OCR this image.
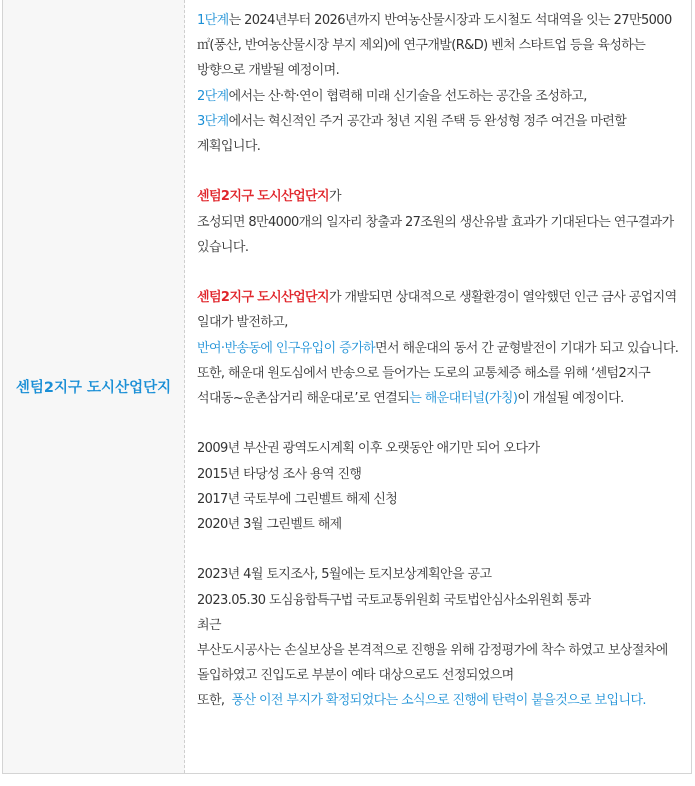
센텀2지구 도시산업단지

1단계는 2024년부터 2026년까지 반여농산물시장과 도시철도 석대역을 잇는 27만5000㎡(풍산, 반여농산물시장 부지 제외)에 연구개발(R&D) 벤처 스타트업 등을 육성하는 방향으로 개발될 예정이며.
2단계에서는 산·학·연이 협력해 미래 신기술을 선도하는 공간을 조성하고,
3단계에서는 혁신적인 주거 공간과 청년 지원 주택 등 완성형 정주 여건을 마련할 계획입니다.

센텀2지구 도시산업단지가
조성되면 8만4000개의 일자리 창출과 27조원의 생산유발 효과가 기대된다는 연구결과가 있습니다.

센텀2지구 도시산업단지가 개발되면 상대적으로 생활환경이 열악했던 인근 금사 공업지역 일대가 발전하고,
반여·반송동에 인구유입이 증가하면서 해운대의 동서 간 균형발전이 기대가 되고 있습니다.
또한, 해운대 원도심에서 반송으로 들어가는 도로의 교통체증 해소를 위해 ‘센텀2지구 석대동~운촌삼거리 해운대로’로 연결되는 해운대터널(가칭)이 개설될 예정이다.

2009년 부산권 광역도시계획 이후 오랫동안 애기만 되어 오다가
2015년 타당성 조사 용역 진행
2017년 국토부에 그린벨트 해제 신청
2020년 3월 그린벨트 해제

2023년 4월 토지조사, 5월에는 토지보상계획안을 공고
2023.05.30 도심융합특구법 국토교통위원회 국토법안심사소위원회 통과
최근
부산도시공사는 손실보상을 본격적으로 진행을 위해 감정평가에 착수 하였고 보상절차에 돌입하였고 진입도로 부분이 예타 대상으로도 선정되었으며
또한,  풍산 이전 부지가 확정되었다는 소식으로 진행에 탄력이 붙을것으로 보입니다.
